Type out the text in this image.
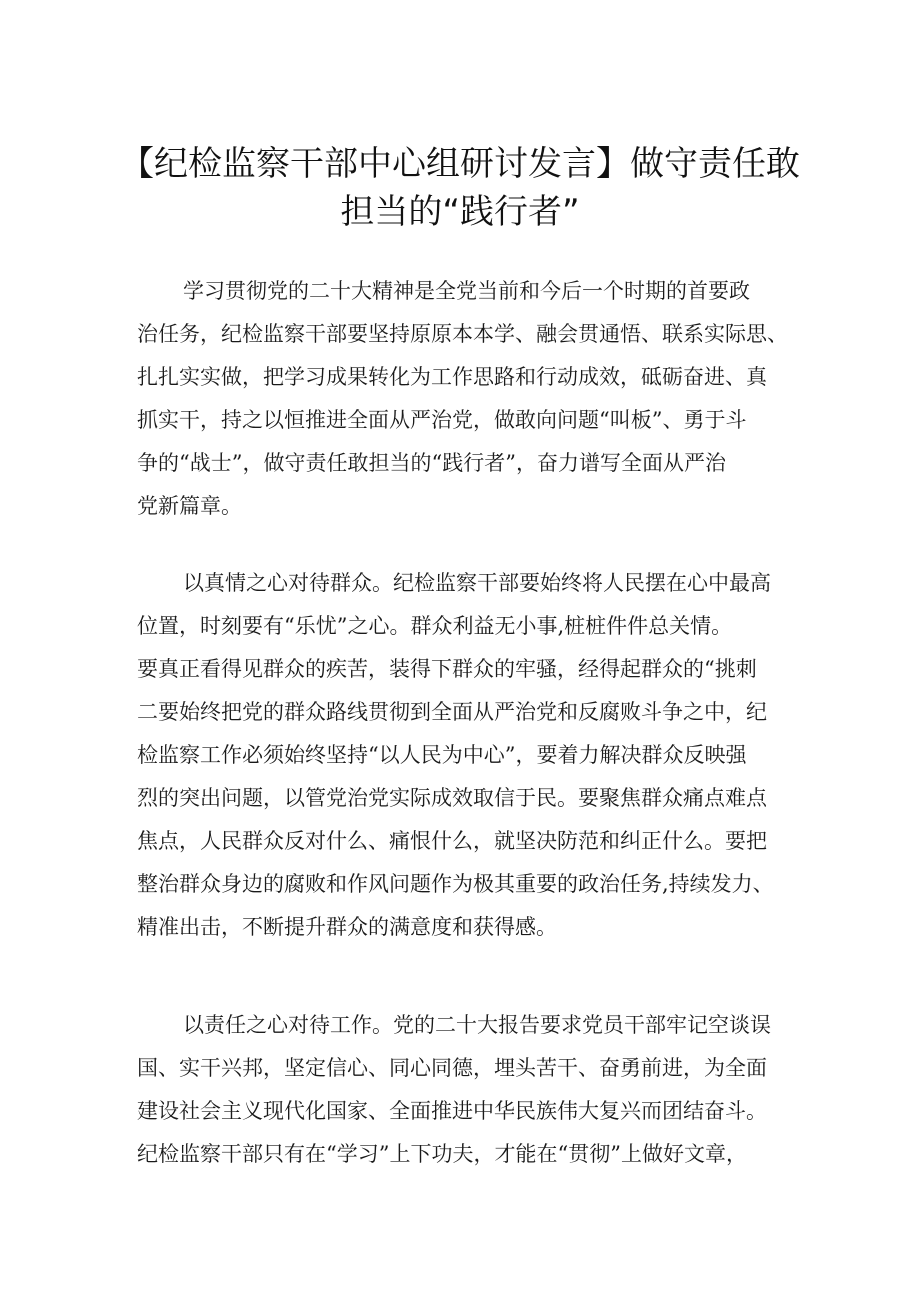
【纪检监察干部中心组研讨发言】做守责任敢
担当的“践行者”
学习贯彻党的二十大精神是全党当前和今后一个时期的首要政
治任务，纪检监察干部要坚持原原本本学、融会贯通悟、联系实际思、
扎扎实实做，把学习成果转化为工作思路和行动成效，砥砺奋进、真
抓实干，持之以恒推进全面从严治党，做敢向问题“叫板”、勇于斗
争的“战士”，做守责任敢担当的“践行者”，奋力谱写全面从严治
党新篇章。
以真情之心对待群众。纪检监察干部要始终将人民摆在心中最高
位置，时刻要有“乐忧”之心。群众利益无小事,桩桩件件总关情。
要真正看得见群众的疾苦，装得下群众的牢骚，经得起群众的“挑刺
二要始终把党的群众路线贯彻到全面从严治党和反腐败斗争之中，纪
检监察工作必须始终坚持“以人民为中心”，要着力解决群众反映强
烈的突出问题，以管党治党实际成效取信于民。要聚焦群众痛点难点
焦点，人民群众反对什么、痛恨什么，就坚决防范和纠正什么。要把
整治群众身边的腐败和作风问题作为极其重要的政治任务,持续发力、
精准出击，不断提升群众的满意度和获得感。
以责任之心对待工作。党的二十大报告要求党员干部牢记空谈误
国、实干兴邦，坚定信心、同心同德，埋头苦干、奋勇前进，为全面
建设社会主义现代化国家、全面推进中华民族伟大复兴而团结奋斗。
纪检监察干部只有在“学习”上下功夫，才能在“贯彻”上做好文章，
